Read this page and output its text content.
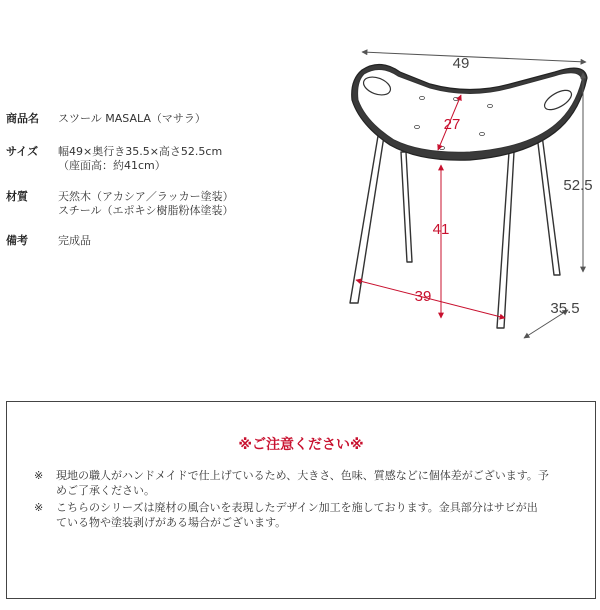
商品名 スツール MASALA（マサラ）
サイズ 幅49×奥行き35.5×高さ52.5cm
（座面高：約41cm）
材質	天然木（アカシア／ラッカー塗装）
スチール（エポキシ樹脂粉体塗装）
備考	完成品
49
27
52.5
41
39
35.5
※ご注意ください※
※ 現地の職人がハンドメイドで仕上げているため、大きさ、色味、質感などに個体差がございます。予
めご了承ください。
※ こちらのシリーズは廃材の風合いを表現したデザイン加工を施しております。金具部分はサビが出
ている物や塗装剥げがある場合がございます。
